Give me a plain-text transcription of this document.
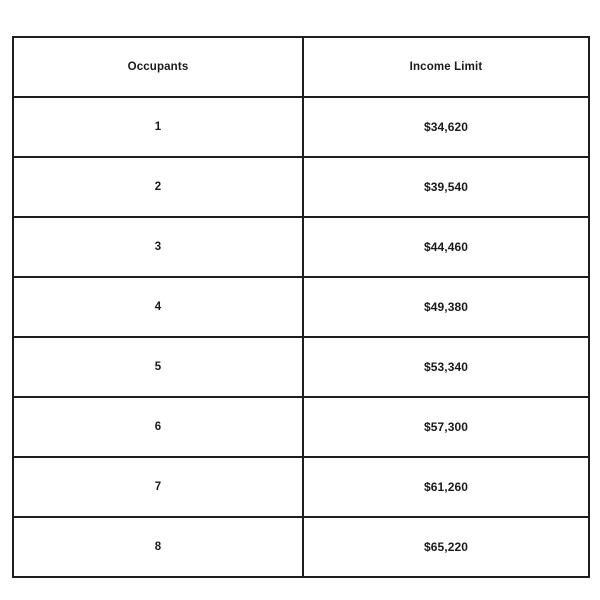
Occupants	Income Limit
1	$34,620
2	$39,540
3	$44,460
4	$49,380
5	$53,340
6	$57,300
7	$61,260
8	$65,220
